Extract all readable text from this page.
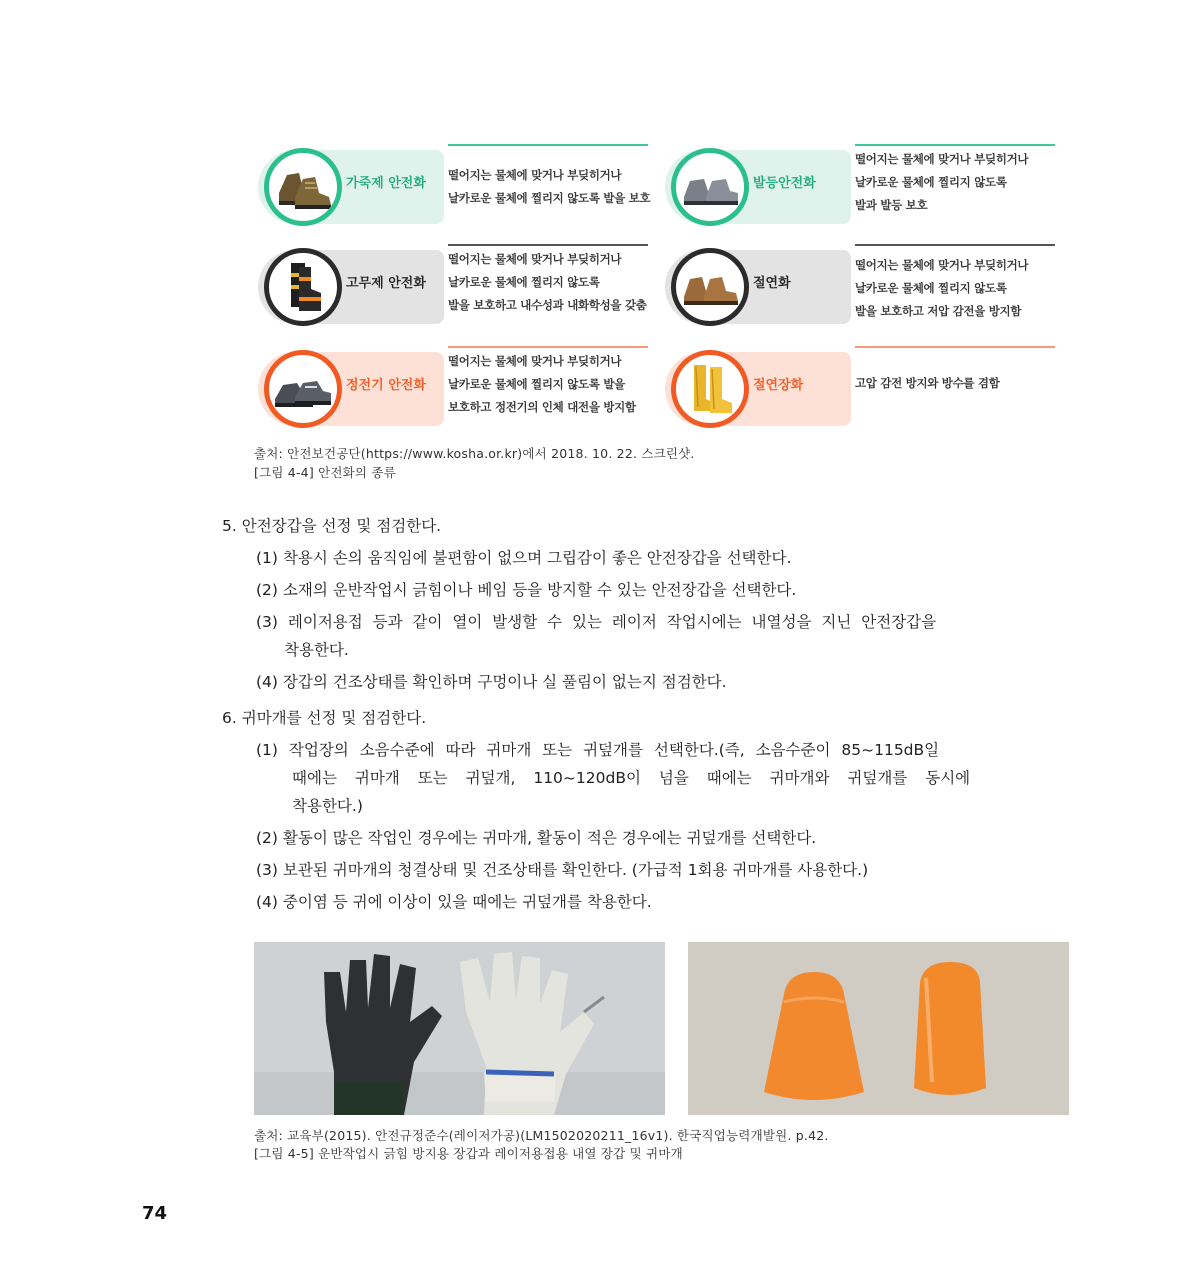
가죽제 안전화
떨어지는 물체에 맞거나 부딪히거나
날카로운 물체에 찔리지 않도록 발을 보호
발등안전화
떨어지는 물체에 맞거나 부딪히거나
날카로운 물체에 찔리지 않도록
발과 발등 보호
고무제 안전화
떨어지는 물체에 맞거나 부딪히거나
날카로운 물체에 찔리지 않도록
발을 보호하고 내수성과 내화학성을 갖춤
절연화
떨어지는 물체에 맞거나 부딪히거나
날카로운 물체에 찔리지 않도록
발을 보호하고 저압 감전을 방지함
정전기 안전화
떨어지는 물체에 맞거나 부딪히거나
날카로운 물체에 찔리지 않도록 발을
보호하고 정전기의 인체 대전을 방지함
절연장화	고압 감전 방지와 방수를 겸함
출처: 안전보건공단(https://www.kosha.or.kr)에서 2018. 10. 22. 스크린샷.
[그림 4-4] 안전화의 종류
5. 안전장갑을 선정 및 점검한다.
(1) 착용시 손의 움직임에 불편함이 없으며 그립감이 좋은 안전장갑을 선택한다.
(2) 소재의 운반작업시 긁힘이나 베임 등을 방지할 수 있는 안전장갑을 선택한다.
(3) 레이저용접 등과 같이 열이 발생할 수 있는 레이저 작업시에는 내열성을 지닌 안전장갑을
착용한다.
(4) 장갑의 건조상태를 확인하며 구멍이나 실 풀림이 없는지 점검한다.
6. 귀마개를 선정 및 점검한다.
(1) 작업장의 소음수준에 따라 귀마개 또는 귀덮개를 선택한다.(즉, 소음수준이 85~115dB일
때에는 귀마개 또는 귀덮개, 110~120dB이 넘을 때에는 귀마개와 귀덮개를 동시에
착용한다.)
(2) 활동이 많은 작업인 경우에는 귀마개, 활동이 적은 경우에는 귀덮개를 선택한다.
(3) 보관된 귀마개의 청결상태 및 건조상태를 확인한다. (가급적 1회용 귀마개를 사용한다.)
(4) 중이염 등 귀에 이상이 있을 때에는 귀덮개를 착용한다.
출처: 교육부(2015). 안전규정준수(레이저가공)(LM1502020211_16v1). 한국직업능력개발원. p.42.
[그림 4-5] 운반작업시 긁힘 방지용 장갑과 레이저용접용 내열 장갑 및 귀마개
74
